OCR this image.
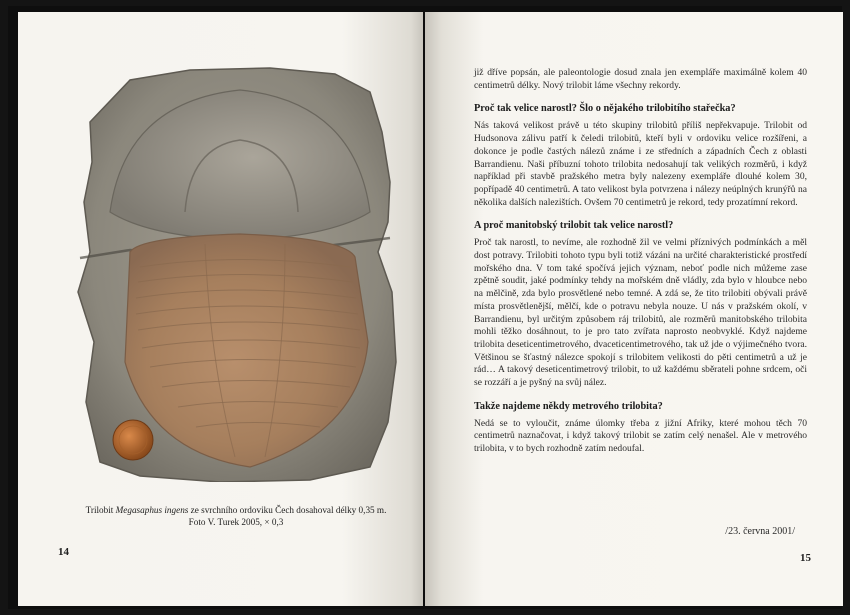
Trilobit Megasaphus ingens ze svrchního ordoviku Čech dosahoval délky 0,35 m.
Foto V. Turek 2005, × 0,3
14

již dříve popsán, ale paleontologie dosud znala jen exempláře maximálně kolem 40 centimetrů délky. Nový trilobit láme všechny rekordy.

Proč tak velice narostl? Šlo o nějakého trilobitího stařečka?

Nás taková velikost právě u této skupiny trilobitů příliš nepřekvapuje. Trilobit od Hudsonova zálivu patří k čeledi trilobitů, kteří byli v ordoviku velice rozšířeni, a dokonce je podle častých nálezů známe i ze středních a západních Čech z oblasti Barrandienu. Naši příbuzní tohoto trilobita nedosahují tak velikých rozměrů, i když například při stavbě pražského metra byly nalezeny exempláře dlouhé kolem 30, popřípadě 40 centimetrů. A tato velikost byla potvrzena i nálezy neúplných krunýřů na několika dalších nalezištích. Ovšem 70 centimetrů je rekord, tedy prozatímní rekord.

A proč manitobský trilobit tak velice narostl?

Proč tak narostl, to nevíme, ale rozhodně žil ve velmi příznivých podmínkách a měl dost potravy. Trilobiti tohoto typu byli totiž vázáni na určité charakteristické prostředí mořského dna. V tom také spočívá jejich význam, neboť podle nich můžeme zase zpětně soudit, jaké podmínky tehdy na mořském dně vládly, zda bylo v hloubce nebo na mělčině, zda bylo prosvětlené nebo temné. A zdá se, že tito trilobiti obývali právě místa prosvětlenější, mělčí, kde o potravu nebyla nouze. U nás v pražském okolí, v Barrandienu, byl určitým způsobem ráj trilobitů, ale rozměrů manitobského trilobita mohli těžko dosáhnout, to je pro tato zvířata naprosto neobvyklé. Když najdeme trilobita deseticentimetrového, dvaceticentimetrového, tak už jde o výjimečného tvora. Většinou se šťastný nálezce spokojí s trilobitem velikosti do pěti centimetrů a už je rád… A takový deseticentimetrový trilobit, to už každému sběrateli pohne srdcem, oči se rozzáří a je pyšný na svůj nález.

Takže najdeme někdy metrového trilobita?

Nedá se to vyloučit, známe úlomky třeba z jižní Afriky, které mohou těch 70 centimetrů naznačovat, i když takový trilobit se zatím celý nenašel. Ale v metrového trilobita, v to bych rozhodně zatím nedoufal.

/23. června 2001/
15
